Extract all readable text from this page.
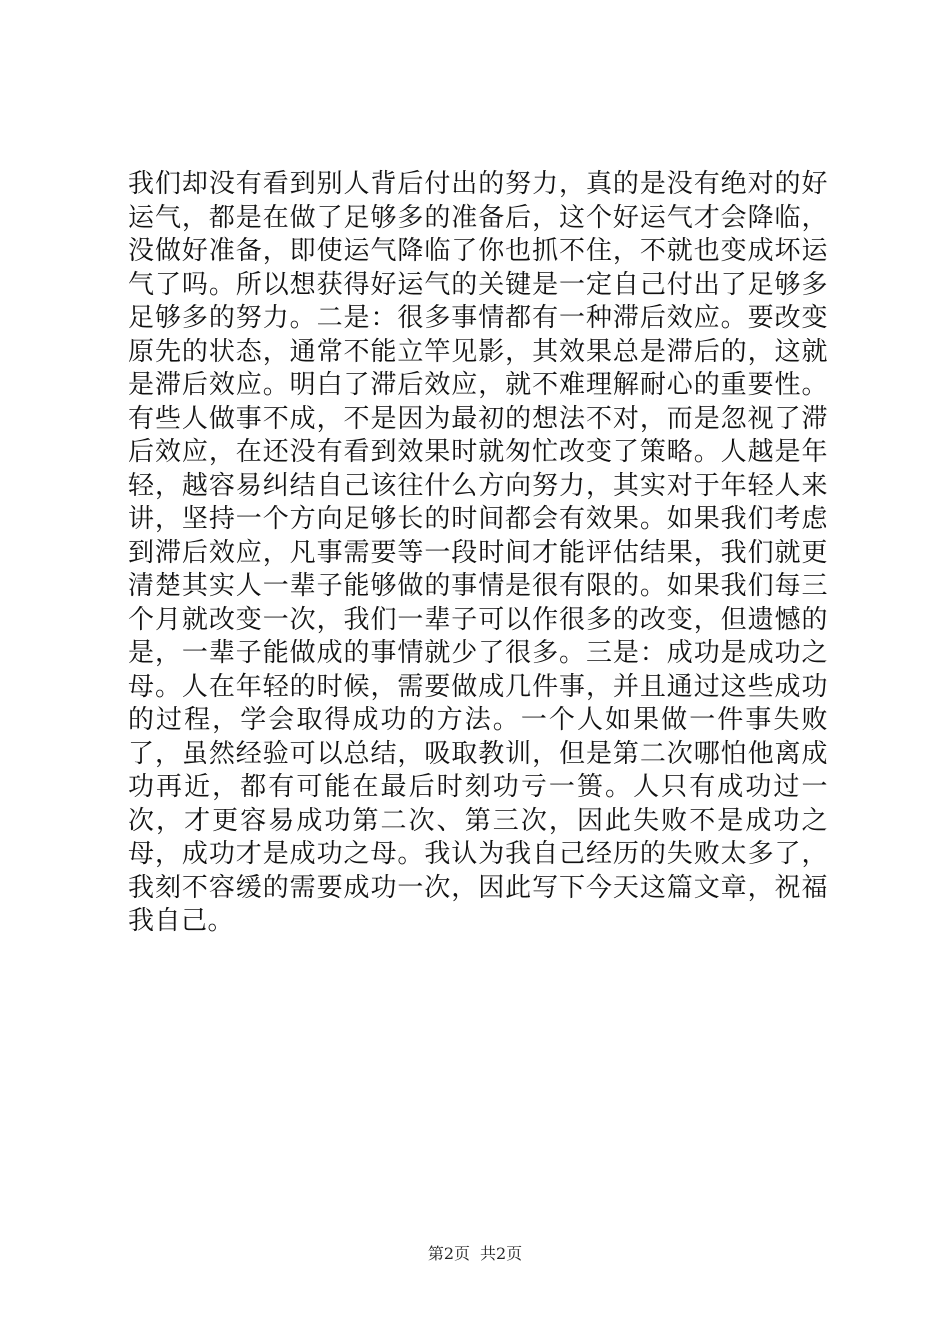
我们却没有看到别人背后付出的努力，真的是没有绝对的好运气，都是在做了足够多的准备后，这个好运气才会降临，没做好准备，即使运气降临了你也抓不住，不就也变成坏运气了吗。所以想获得好运气的关键是一定自己付出了足够多足够多的努力。二是：很多事情都有一种滞后效应。要改变原先的状态，通常不能立竿见影，其效果总是滞后的，这就是滞后效应。明白了滞后效应，就不难理解耐心的重要性。有些人做事不成，不是因为最初的想法不对，而是忽视了滞后效应，在还没有看到效果时就匆忙改变了策略。人越是年轻，越容易纠结自己该往什么方向努力，其实对于年轻人来讲，坚持一个方向足够长的时间都会有效果。如果我们考虑到滞后效应，凡事需要等一段时间才能评估结果，我们就更清楚其实人一辈子能够做的事情是很有限的。如果我们每三个月就改变一次，我们一辈子可以作很多的改变，但遗憾的是，一辈子能做成的事情就少了很多。三是：成功是成功之母。人在年轻的时候，需要做成几件事，并且通过这些成功的过程，学会取得成功的方法。一个人如果做一件事失败了，虽然经验可以总结，吸取教训，但是第二次哪怕他离成功再近，都有可能在最后时刻功亏一篑。人只有成功过一次，才更容易成功第二次、第三次，因此失败不是成功之母，成功才是成功之母。我认为我自己经历的失败太多了，我刻不容缓的需要成功一次，因此写下今天这篇文章，祝福我自己。

第2页 共2页
